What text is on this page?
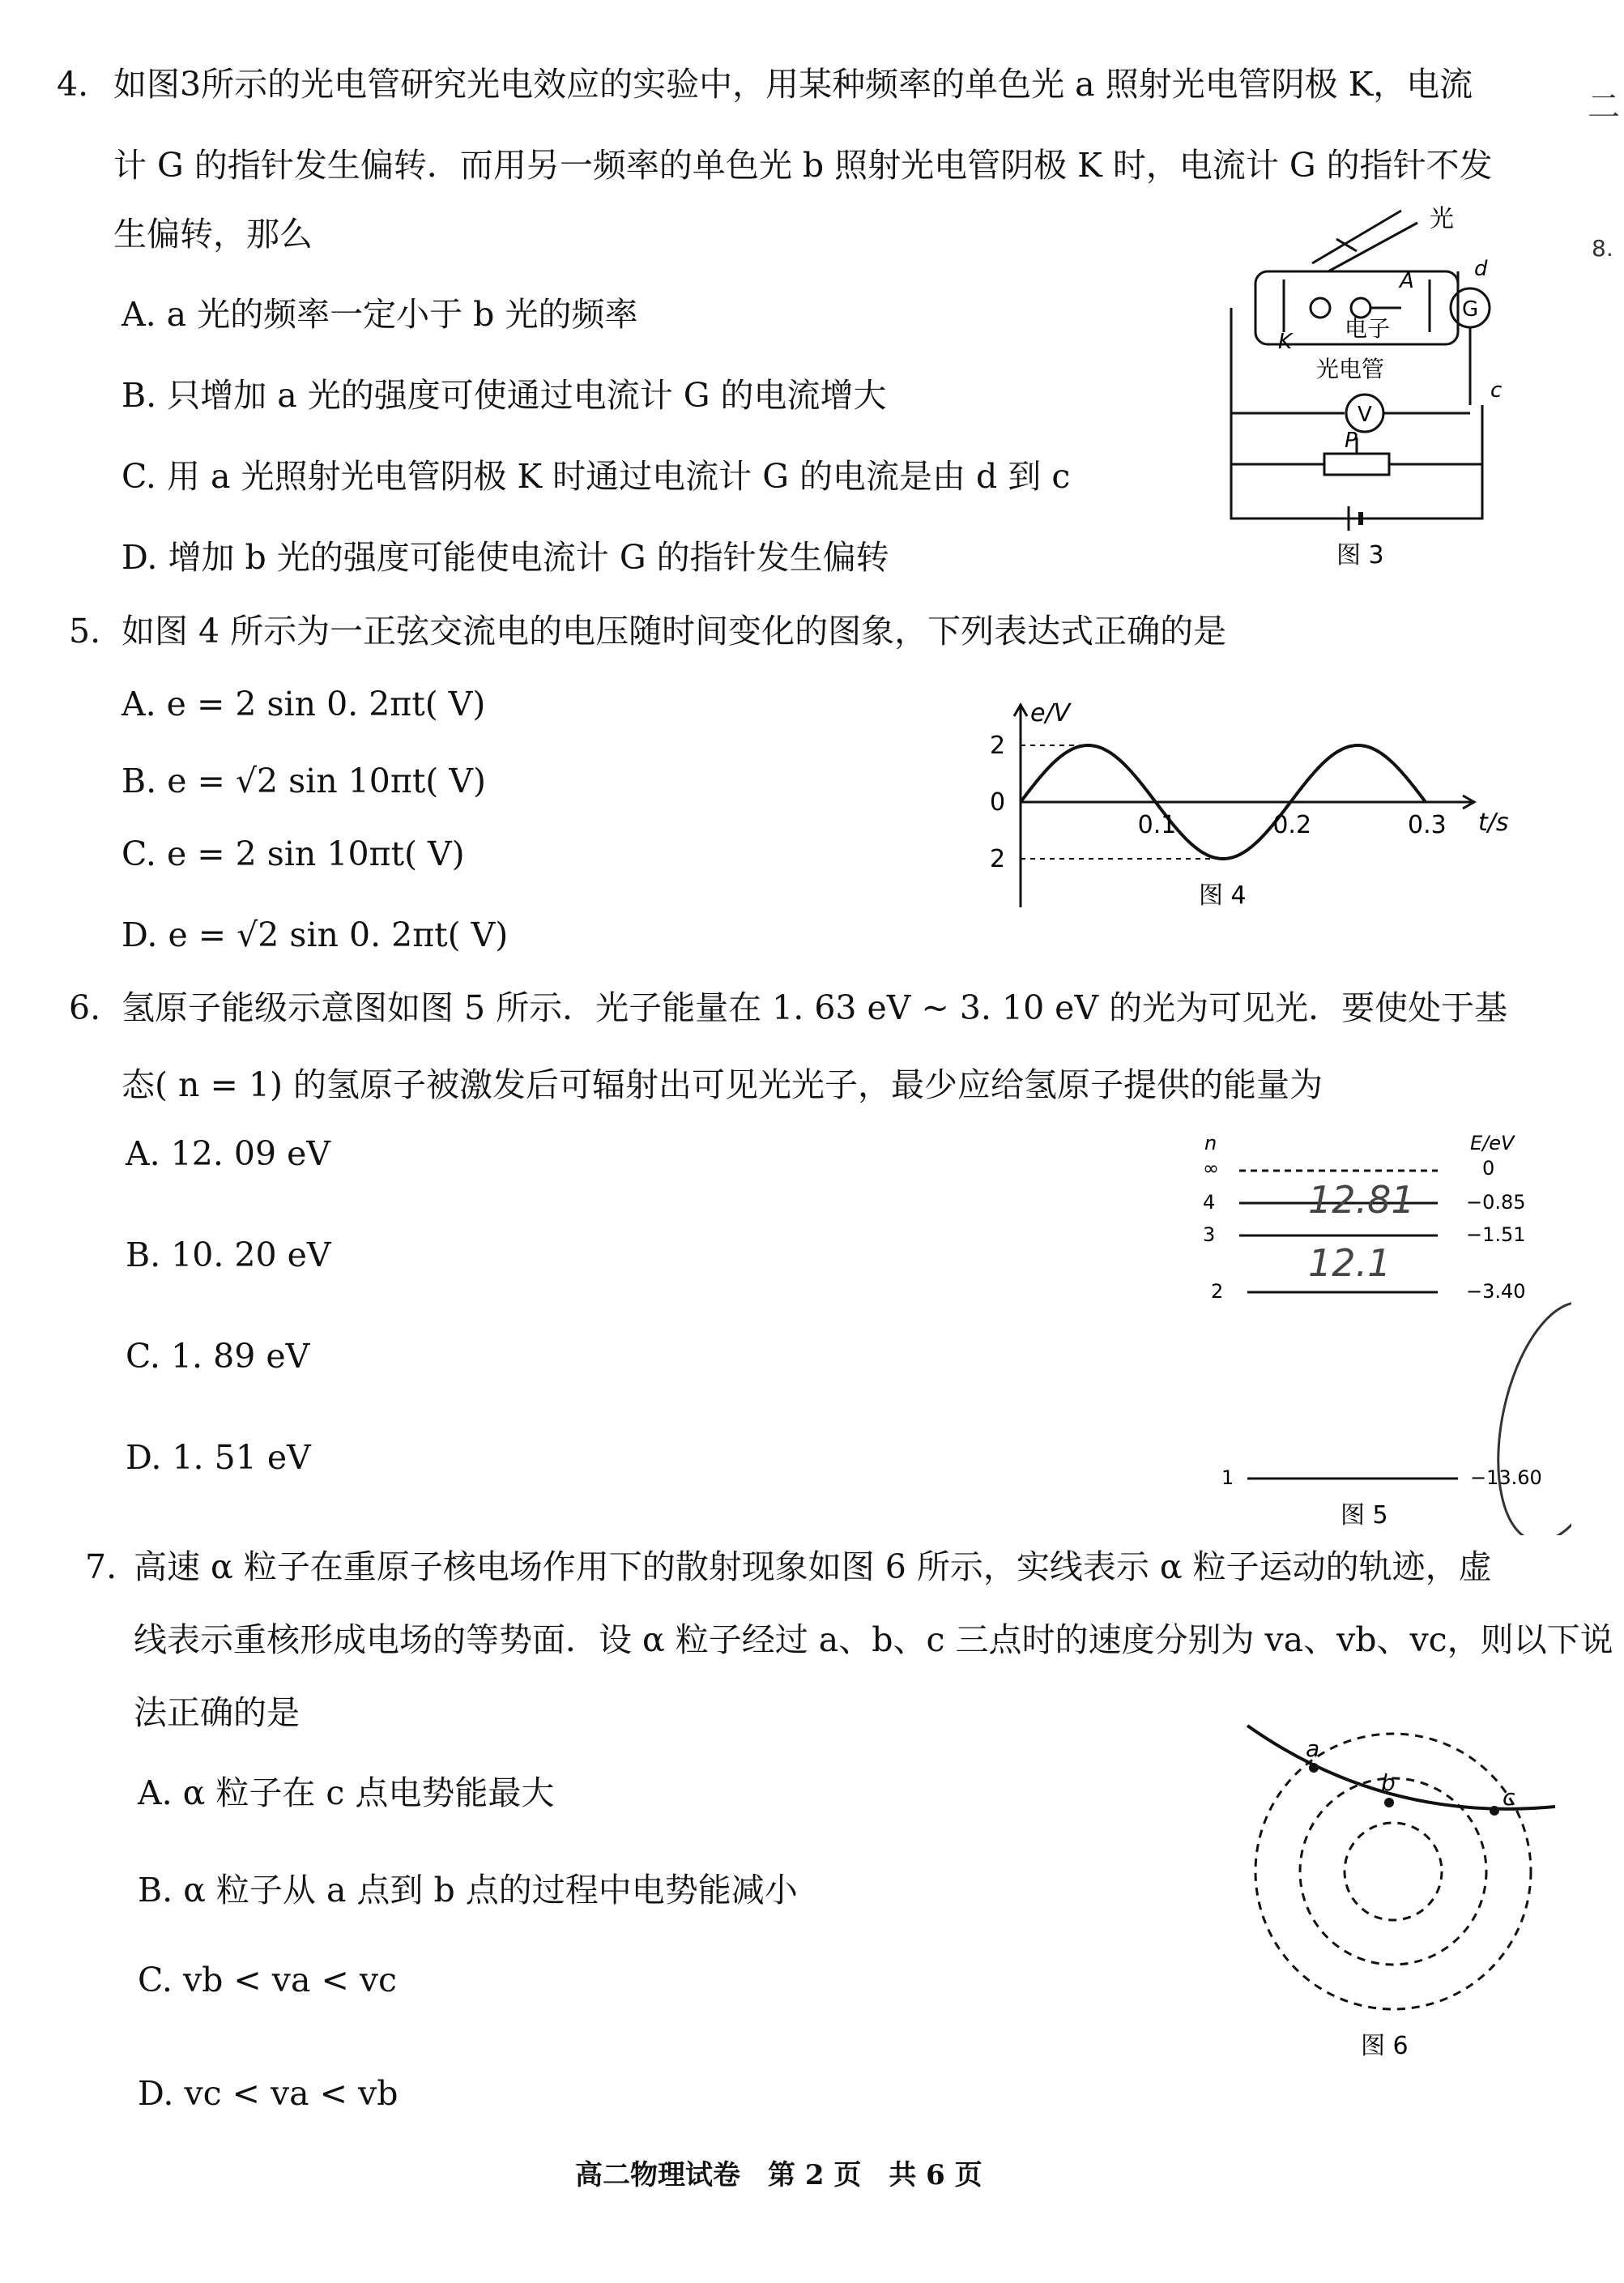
4. 如图3所示的光电管研究光电效应的实验中，用某种频率的单色光 a 照射光电管阴极 K，电流
计 G 的指针发生偏转．而用另一频率的单色光 b 照射光电管阴极 K 时，电流计 G 的指针不发
生偏转，那么
A. a 光的频率一定小于 b 光的频率
B. 只增加 a 光的强度可使通过电流计 G 的电流增大
C. 用 a 光照射光电管阴极 K 时通过电流计 G 的电流是由 d 到 c
D. 增加 b 光的强度可能使电流计 G 的指针发生偏转
光
A
电子
K
光电管
G
V
d
c
P
图 3
5. 如图 4 所示为一正弦交流电的电压随时间变化的图象，下列表达式正确的是
A. e = 2 sin 0. 2πt( V)
B. e = √2 sin 10πt( V)
C. e = 2 sin 10πt( V)
D. e = √2 sin 0. 2πt( V)
e/V
t/s
2
0
2
0.1	0.2	0.3
图 4
6. 氢原子能级示意图如图 5 所示．光子能量在 1. 63 eV ~ 3. 10 eV 的光为可见光．要使处于基
态( n = 1) 的氢原子被激发后可辐射出可见光光子，最少应给氢原子提供的能量为
A. 12. 09 eV
B. 10. 20 eV
C. 1. 89 eV
D. 1. 51 eV
n	E/eV
∞	0
4	−0.85
3	−1.51
2	−3.40
1	−13.60
图 5
12.81
12.1
7. 高速 α 粒子在重原子核电场作用下的散射现象如图 6 所示，实线表示 α 粒子运动的轨迹，虚
线表示重核形成电场的等势面．设 α 粒子经过 a、b、c 三点时的速度分别为 va、vb、vc，则以下说
法正确的是
A. α 粒子在 c 点电势能最大
B. α 粒子从 a 点到 b 点的过程中电势能减小
C. vb < va < vc
D. vc < va < vb
a
b
c
图 6
二
8.
高二物理试卷　第 2 页　共 6 页
